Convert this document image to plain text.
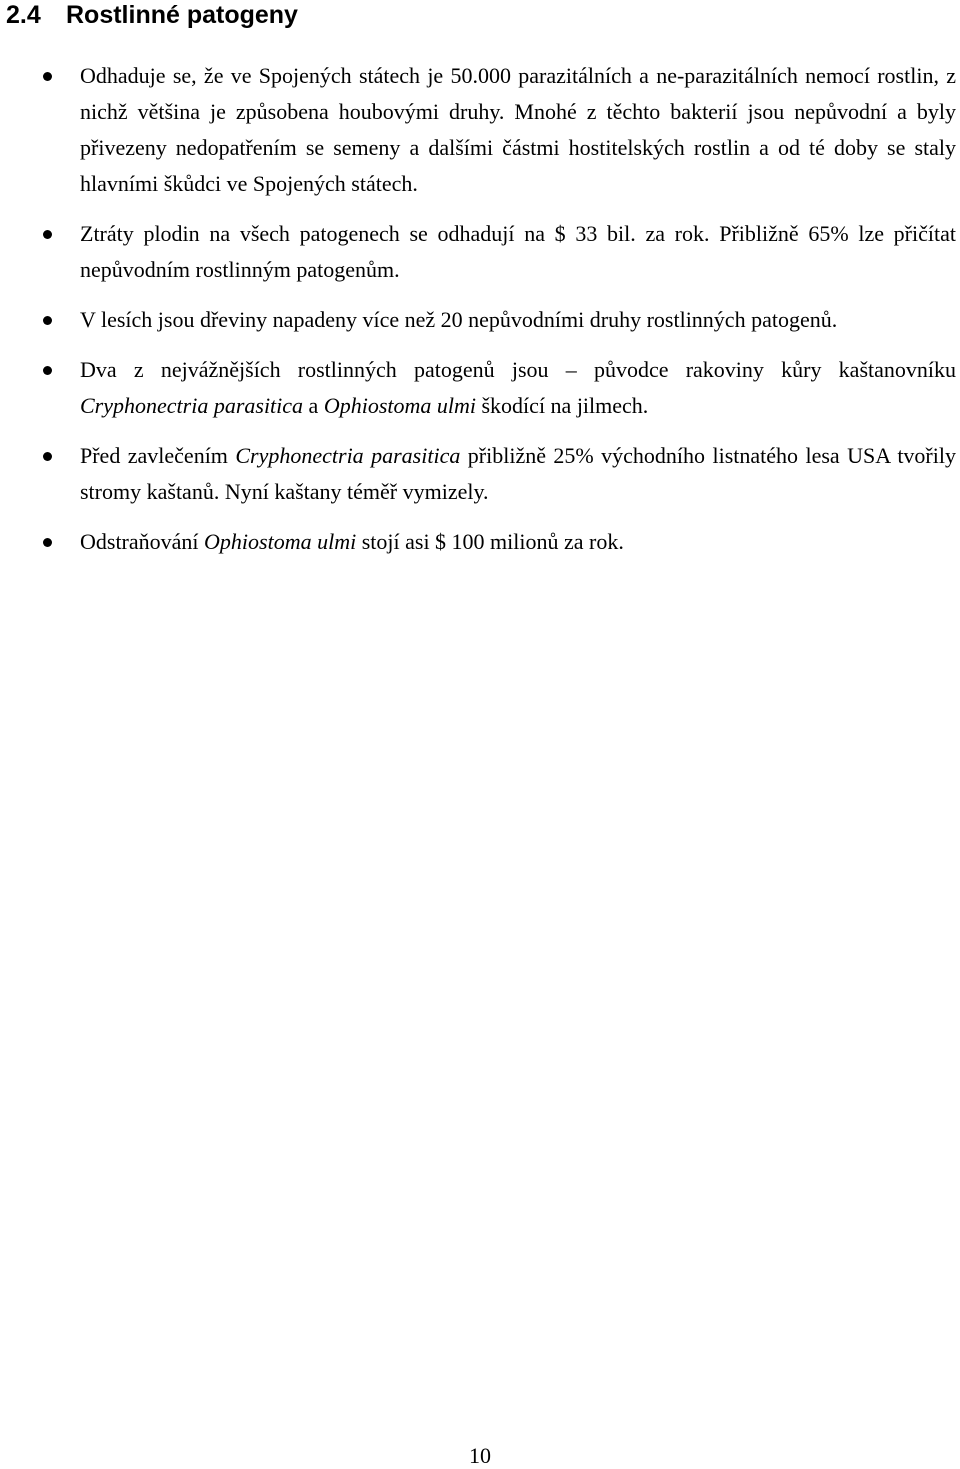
2.4 Rostlinné patogeny
Odhaduje se, že ve Spojených státech je 50.000 parazitálních a ne-parazitálních nemocí rostlin, z nichž většina je způsobena houbovými druhy. Mnohé z těchto bakterií jsou nepůvodní a byly přivezeny nedopatřením se semeny a dalšími částmi hostitelských rostlin a od té doby se staly hlavními škůdci ve Spojených státech.
Ztráty plodin na všech patogenech se odhadují na $ 33 bil. za rok. Přibližně 65% lze přičítat nepůvodním rostlinným patogenům.
V lesích jsou dřeviny napadeny více než 20 nepůvodními druhy rostlinných patogenů.
Dva z nejvážnějších rostlinných patogenů jsou – původce rakoviny kůry kaštanovníku Cryphonectria parasitica a Ophiostoma ulmi škodící na jilmech.
Před zavlečením Cryphonectria parasitica přibližně 25% východního listnatého lesa USA tvořily stromy kaštanů. Nyní kaštany téměř vymizely.
Odstraňování Ophiostoma ulmi stojí asi $ 100 milionů za rok.
10
